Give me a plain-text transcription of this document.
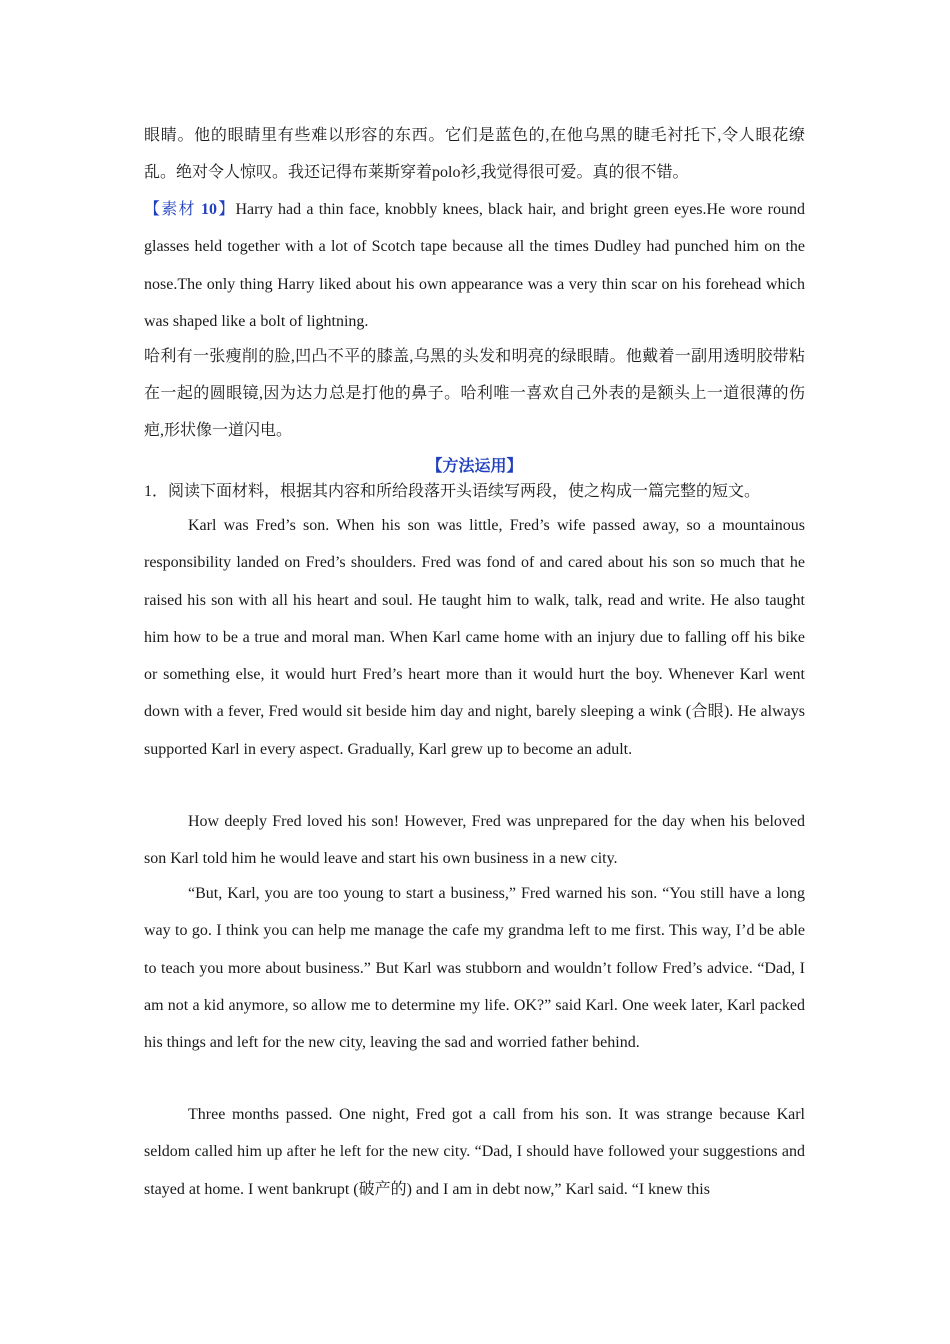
眼睛。他的眼睛里有些难以形容的东西。它们是蓝色的,在他乌黑的睫毛衬托下,令人眼花缭乱。绝对令人惊叹。我还记得布莱斯穿着polo衫,我觉得很可爱。真的很不错。

【素材 10】Harry had a thin face, knobbly knees, black hair, and bright green eyes.He wore round glasses held together with a lot of Scotch tape because all the times Dudley had punched him on the nose.The only thing Harry liked about his own appearance was a very thin scar on his forehead which was shaped like a bolt of lightning.

哈利有一张瘦削的脸,凹凸不平的膝盖,乌黑的头发和明亮的绿眼睛。他戴着一副用透明胶带粘在一起的圆眼镜,因为达力总是打他的鼻子。哈利唯一喜欢自己外表的是额头上一道很薄的伤疤,形状像一道闪电。

【方法运用】

1．阅读下面材料，根据其内容和所给段落开头语续写两段，使之构成一篇完整的短文。

Karl was Fred’s son. When his son was little, Fred’s wife passed away, so a mountainous responsibility landed on Fred’s shoulders. Fred was fond of and cared about his son so much that he raised his son with all his heart and soul. He taught him to walk, talk, read and write. He also taught him how to be a true and moral man. When Karl came home with an injury due to falling off his bike or something else, it would hurt Fred’s heart more than it would hurt the boy. Whenever Karl went down with a fever, Fred would sit beside him day and night, barely sleeping a wink (合眼). He always supported Karl in every aspect. Gradually, Karl grew up to become an adult.

How deeply Fred loved his son! However, Fred was unprepared for the day when his beloved son Karl told him he would leave and start his own business in a new city.

“But, Karl, you are too young to start a business,” Fred warned his son. “You still have a long way to go. I think you can help me manage the cafe my grandma left to me first. This way, I’d be able to teach you more about business.” But Karl was stubborn and wouldn’t follow Fred’s advice. “Dad, I am not a kid anymore, so allow me to determine my life. OK?” said Karl. One week later, Karl packed his things and left for the new city, leaving the sad and worried father behind.

Three months passed. One night, Fred got a call from his son. It was strange because Karl seldom called him up after he left for the new city. “Dad, I should have followed your suggestions and stayed at home. I went bankrupt (破产的) and I am in debt now,” Karl said. “I knew this
